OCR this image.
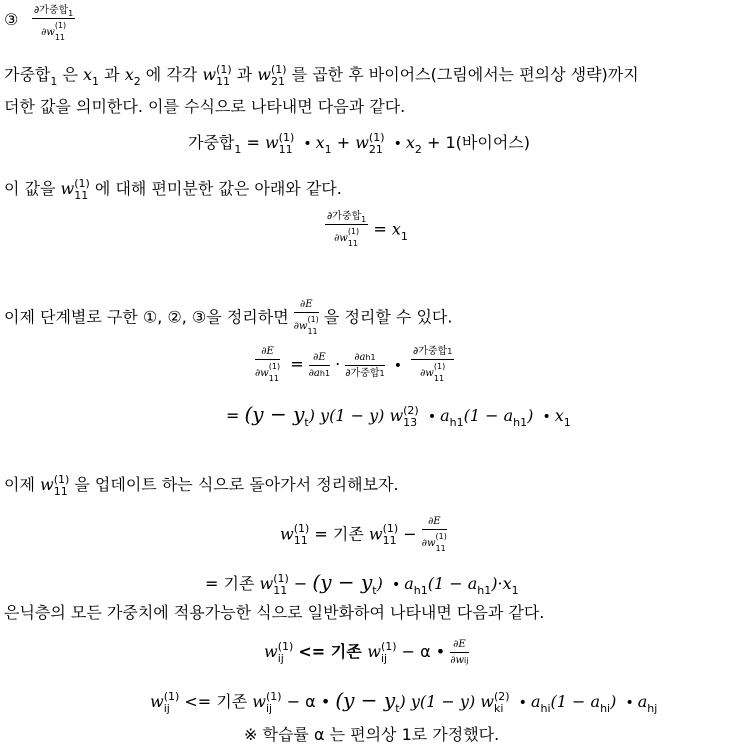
③ ∂가중합$_1$
∂w
(1)
11
가중합$_1$ 은 $x_1$ 과 $x_2$ 에 각각 w (1)
11 과 w (1)
21 를 곱한 후 바이어스(그림에서는 편의상 생략)까지
더한 값을 의미한다. 이를 수식으로 나타내면 다음과 같다.
가중합$_1$ = w (1)
11 • $x_1 + w$ (1)
21 • $x_2 + 1$(바이어스)
이 값을 w (1)
11 에 대해 편미분한 값은 아래와 같다.
∂가중합$_1$
∂w
(1)
$11 = x_1$
이제 단계별로 구한 ①, ②, ③을 정리하면 ∂E
∂w
(1)
11 을 정리할 수 있다.
∂E
∂w
(1)
$11 = \frac{\partial E}{\partial ah1} \cdot \frac{\partial ah1}{\text{∂가중합1}}$ • ∂가중합1
∂w
(1)
11
= $(y - y_t)$ y(1 − y) w (2)
13 • $a_{h1}(1 - a_{h1})$ • $x_1$
이제 w (1)
11 을 업데이트 하는 식으로 돌아가서 정리해보자.
w (1)
11 = 기존 w (1)
11 − ∂E
∂w
(1)
11
= 기존 w (1)
$11 - (y - y_t)$ • $a_{h1}(1 - a_{h1})\cdot x_1$
은닉층의 모든 가중치에 적용가능한 식으로 일반화하여 나타내면 다음과 같다.
w (1)
ij <= 기존 w (1)
ij − α • $\frac{\partial E}{\text{∂wij}}$
w (1)
ij <= 기존 w (1)
ij − α • $(y - y_t)$ y(1 − y) w (2)
ki	• $a_{hi}(1 - a_{hi})$ • $a_{hj}$
※ 학습률 α 는 편의상 1로 가정했다.
